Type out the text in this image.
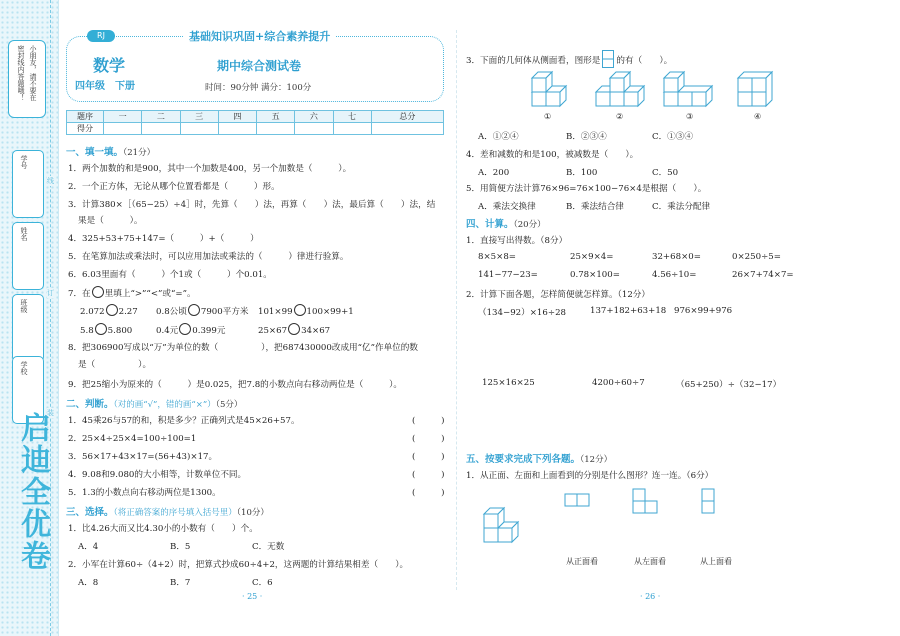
小朋友，请不要在
密封线内答题哦！
学号
姓名
班级
学校
线
订
装
启迪全优卷
RJ	基础知识巩固+综合素养提升
数学
四年级　下册
期中综合测试卷
时间：90分钟 满分：100分
题序	一	二	三	四	五	六	七	总分
得分								
一、填一填。（21分）
1．两个加数的和是900，其中一个加数是400，另一个加数是（　　　）。
2．一个正方体，无论从哪个位置看都是（　　　）形。
3．计算380×［（65−25）÷4］时，先算（　　）法，再算（　　）法，最后算（　　）法，结
果是（　　　）。
4．325+53+75+147=（　　　）+（　　　）
5．在笔算加法或乘法时，可以应用加法或乘法的（　　　）律进行验算。
6．6.03里面有（　　　）个1或（　　　）个0.01。
7．在 里填上“>”“<”或“=”。
2.072 2.27 0.8公顷 7900平方米 101×99 100×99+1
5.8 5.800	0.4元 0.399元	25×67 34×67
8．把306900写成以“万”为单位的数（　　　　　），把687430000改成用“亿”作单位的数
是（　　　　　）。
9．把25缩小为原来的（　　　）是0.025，把7.8的小数点向右移动两位是（　　　）。
二、判断。（对的画“√”，错的画“×”）（5分）
1．45乘26与57的和，积是多少？正确列式是45×26+57。	(　　　)
2．25×4÷25×4=100÷100=1	(　　　)
3．56×17+43×17=(56+43)×17。	(　　　)
4．9.08和9.080的大小相等，计数单位不同。	(　　　)
5．1.3的小数点向右移动两位是1300。	(　　　)
三、选择。（将正确答案的序号填入括号里）（10分）
1．比4.26大而又比4.30小的小数有（　　）个。
A．4	B．5	C．无数
2．小军在计算60÷（4+2）时，把算式抄成60÷4+2，这两题的计算结果相差（　　）。
A．8	B．7	C．6
· 25 ·
3．下面的几何体从侧面看，图形是 的有（　　）。
①	②	③	④
A．①②④	B．②③④	C．①③④
4．差和减数的和是100，被减数是（　　）。
A．200	B．100	C．50
5．用简便方法计算76×96=76×100−76×4是根据（　　）。
A．乘法交换律	B．乘法结合律	C．乘法分配律
四、计算。（20分）
1．直接写出得数。（8分）
8×5×8=	25×9×4=	32+68×0=	0×250÷5=
141−77−23=	0.78×100=	4.56÷10=	26×7+74×7=
2．计算下面各题，怎样简便就怎样算。（12分）
（134−92）×16÷28	137+182+63+18 976×99+976
125×16×25	4200÷60÷7	（65+250）÷（32−17）
五、按要求完成下列各题。（12分）
1．从正面、左面和上面看到的分别是什么图形？连一连。（6分）
从正面看	从左面看	从上面看
· 26 ·
